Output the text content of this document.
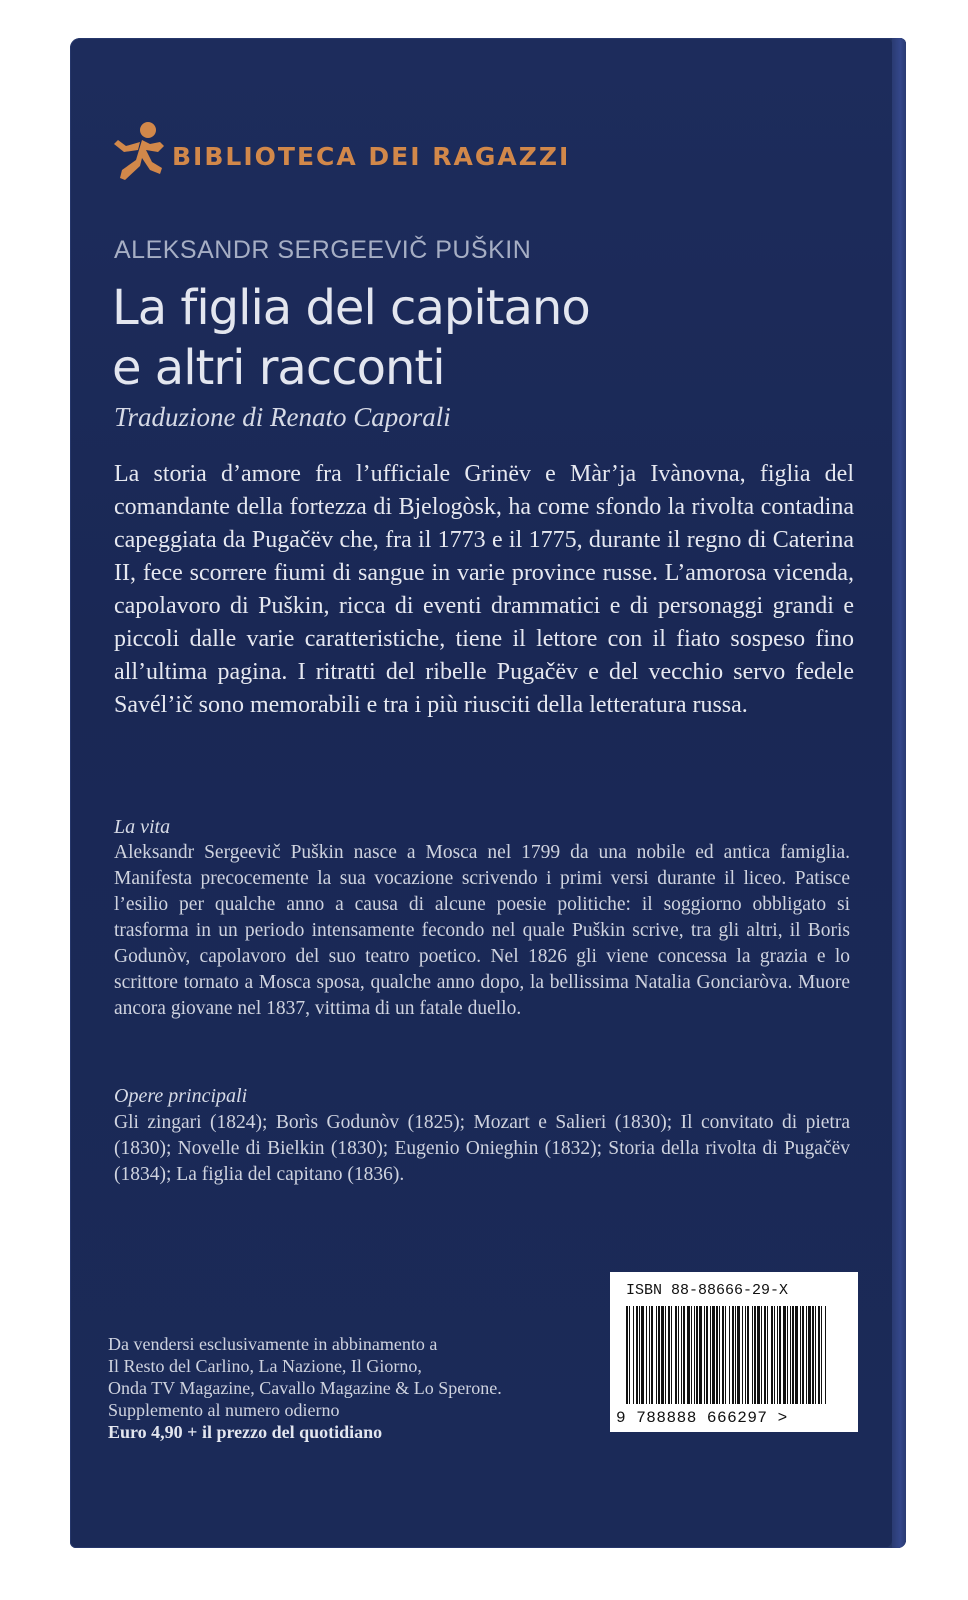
BIBLIOTECA DEI RAGAZZI
ALEKSANDR SERGEEVIČ PUŠKIN
La figlia del capitano
e altri racconti
Traduzione di Renato Caporali

La storia d’amore fra l’ufficiale Grinëv e Màr’ja Ivànovna, figlia del comandante della fortezza di Bjelogòsk, ha come sfondo la rivolta contadina capeggiata da Pugačëv che, fra il 1773 e il 1775, durante il regno di Caterina II, fece scorrere fiumi di sangue in varie province russe. L’amorosa vicenda, capolavoro di Puškin, ricca di eventi drammatici e di personaggi grandi e piccoli dalle varie caratteristiche, tiene il lettore con il fiato sospeso fino all’ultima pagina. I ritratti del ribelle Pugačëv e del vecchio servo fedele Savél’ič sono memorabili e tra i più riusciti della letteratura russa.

La vita

Aleksandr Sergeevič Puškin nasce a Mosca nel 1799 da una nobile ed antica famiglia. Manifesta precocemente la sua vocazione scrivendo i primi versi durante il liceo. Patisce l’esilio per qualche anno a causa di alcune poesie politiche: il soggiorno obbligato si trasforma in un periodo intensamente fecondo nel quale Puškin scrive, tra gli altri, il Boris Godunòv, capolavoro del suo teatro poetico. Nel 1826 gli viene concessa la grazia e lo scrittore tornato a Mosca sposa, qualche anno dopo, la bellissima Natalia Gonciaròva. Muore ancora giovane nel 1837, vittima di un fatale duello.

Opere principali

Gli zingari (1824); Borìs Godunòv (1825); Mozart e Salieri (1830); Il convitato di pietra (1830); Novelle di Bielkin (1830); Eugenio Onieghin (1832); Storia della rivolta di Pugačëv (1834); La figlia del capitano (1836).

Da vendersi esclusivamente in abbinamento a
Il Resto del Carlino, La Nazione, Il Giorno,
Onda TV Magazine, Cavallo Magazine & Lo Sperone.
Supplemento al numero odierno
Euro 4,90 + il prezzo del quotidiano
ISBN 88-88666-29-X
9 788888 666297 >
